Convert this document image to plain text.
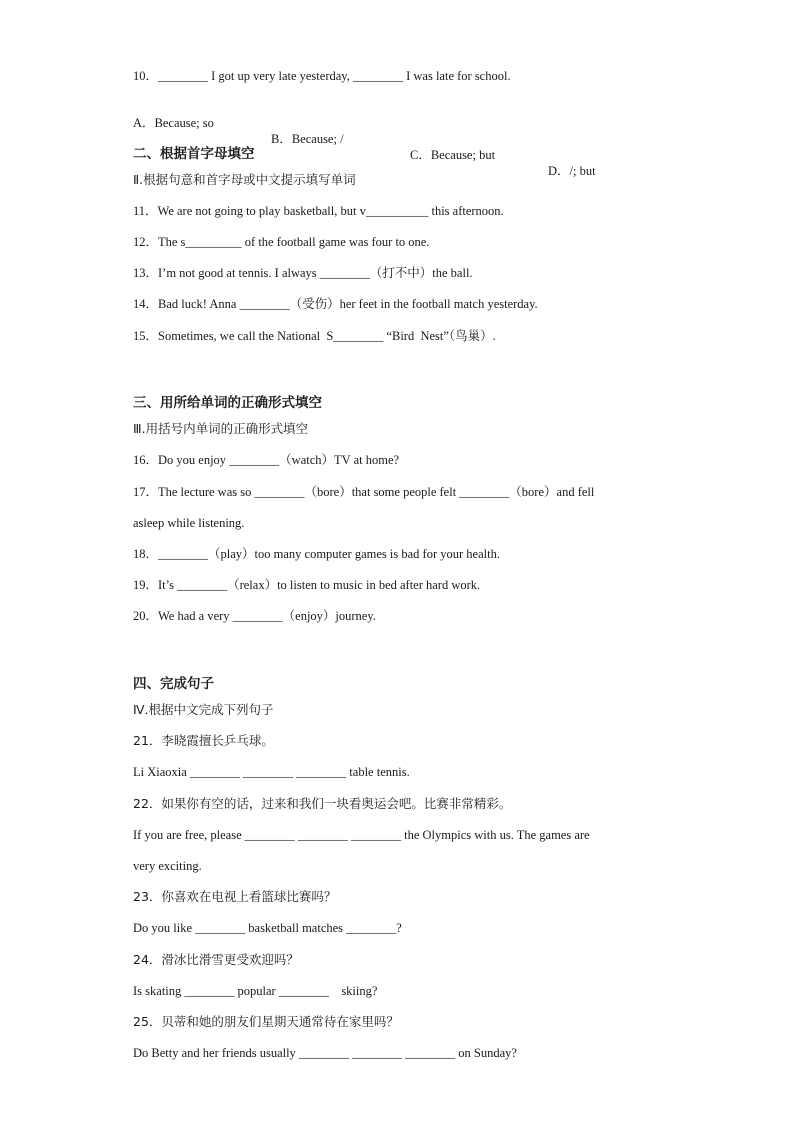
10．________ I got up very late yesterday, ________ I was late for school.

A．Because; so

B．Because; /

C．Because; but

D．/; but

二、根据首字母填空
Ⅱ.根据句意和首字母或中文提示填写单词
11．We are not going to play basketball, but v__________ this afternoon.
12．The s_________ of the football game was four to one.
13．I’m not good at tennis. I always ________（打不中）the ball.
14．Bad luck! Anna ________（受伤）her feet in the football match yesterday.
15．Sometimes, we call the National  S________ “Bird  Nest”（鸟巢）.
三、用所给单词的正确形式填空
Ⅲ.用括号内单词的正确形式填空
16．Do you enjoy ________（watch）TV at home?
17．The lecture was so ________（bore）that some people felt ________（bore）and fell
asleep while listening.
18．________（play）too many computer games is bad for your health.
19．It’s ________（relax）to listen to music in bed after hard work.
20．We had a very ________（enjoy）journey.
四、完成句子
Ⅳ.根据中文完成下列句子
21．李晓霞擅长乒乓球。
Li Xiaoxia ________ ________ ________ table tennis.
22．如果你有空的话，过来和我们一块看奥运会吧。比赛非常精彩。
If you are free, please ________ ________ ________ the Olympics with us. The games are
very exciting.
23．你喜欢在电视上看篮球比赛吗？
Do you like ________ basketball matches ________?
24．滑冰比滑雪更受欢迎吗？
Is skating ________ popular ________    skiing?
25．贝蒂和她的朋友们星期天通常待在家里吗？
Do Betty and her friends usually ________ ________ ________ on Sunday?
